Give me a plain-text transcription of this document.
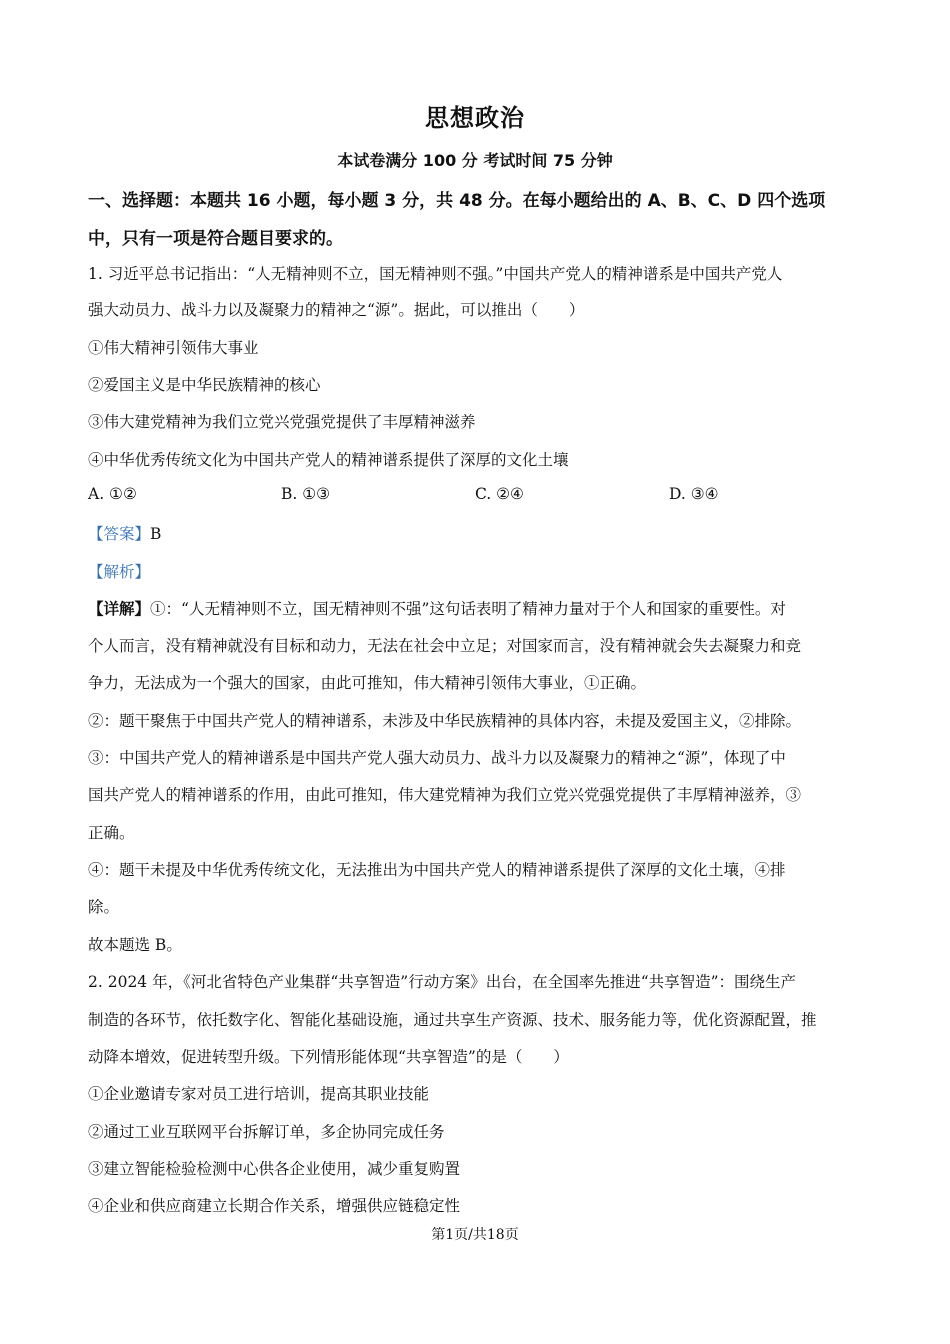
思想政治
本试卷满分 100 分 考试时间 75 分钟
一、选择题：本题共 16 小题，每小题 3 分，共 48 分。在每小题给出的 A、B、C、D 四个选项
中，只有一项是符合题目要求的。
1. 习近平总书记指出：“人无精神则不立，国无精神则不强。”中国共产党人的精神谱系是中国共产党人
强大动员力、战斗力以及凝聚力的精神之“源”。据此，可以推出（　　）
①伟大精神引领伟大事业
②爱国主义是中华民族精神的核心
③伟大建党精神为我们立党兴党强党提供了丰厚精神滋养
④中华优秀传统文化为中国共产党人的精神谱系提供了深厚的文化土壤
A. ①②	B. ①③	C. ②④	D. ③④
【答案】B
【解析】
【详解】①：“人无精神则不立，国无精神则不强”这句话表明了精神力量对于个人和国家的重要性。对
个人而言，没有精神就没有目标和动力，无法在社会中立足；对国家而言，没有精神就会失去凝聚力和竞
争力，无法成为一个强大的国家，由此可推知，伟大精神引领伟大事业，①正确。
②：题干聚焦于中国共产党人的精神谱系，未涉及中华民族精神的具体内容，未提及爱国主义，②排除。
③：中国共产党人的精神谱系是中国共产党人强大动员力、战斗力以及凝聚力的精神之“源”，体现了中
国共产党人的精神谱系的作用，由此可推知，伟大建党精神为我们立党兴党强党提供了丰厚精神滋养，③
正确。
④：题干未提及中华优秀传统文化，无法推出为中国共产党人的精神谱系提供了深厚的文化土壤，④排
除。
故本题选 B。
2. 2024 年，《河北省特色产业集群“共享智造”行动方案》出台，在全国率先推进“共享智造”：围绕生产
制造的各环节，依托数字化、智能化基础设施，通过共享生产资源、技术、服务能力等，优化资源配置，推
动降本增效，促进转型升级。下列情形能体现“共享智造”的是（　　）
①企业邀请专家对员工进行培训，提高其职业技能
②通过工业互联网平台拆解订单，多企协同完成任务
③建立智能检验检测中心供各企业使用，减少重复购置
④企业和供应商建立长期合作关系，增强供应链稳定性
第1页/共18页
